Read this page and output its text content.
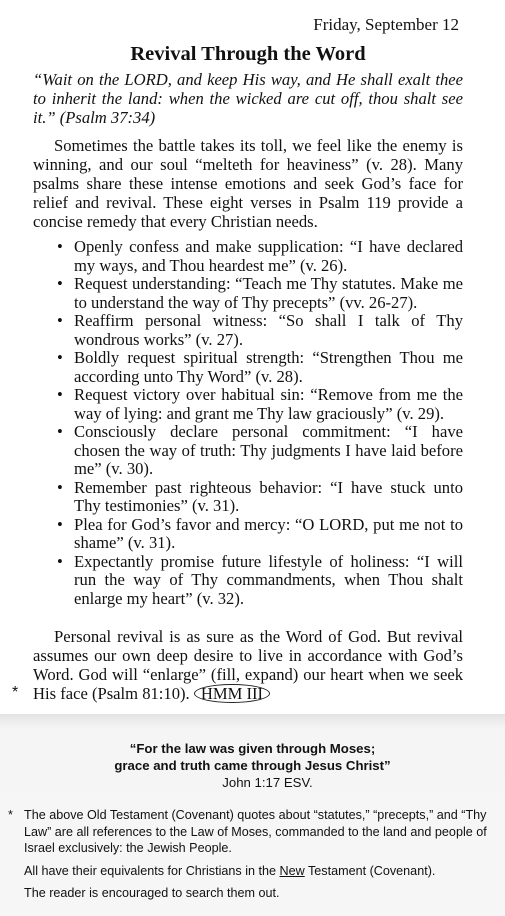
Friday, September 12
Revival Through the Word
“Wait on the LORD, and keep His way, and He shall exalt thee to inherit the land: when the wicked are cut off, thou shalt see it.” (Psalm 37:34)
Sometimes the battle takes its toll, we feel like the enemy is winning, and our soul “melteth for heaviness” (v. 28). Many psalms share these intense emotions and seek God’s face for relief and revival. These eight verses in Psalm 119 provide a concise remedy that every Christian needs.
• Openly confess and make supplication: “I have declared my ways, and Thou heardest me” (v. 26).
• Request understanding: “Teach me Thy statutes. Make me to understand the way of Thy precepts” (vv. 26-27).
• Reaffirm personal witness: “So shall I talk of Thy wondrous works” (v. 27).
• Boldly request spiritual strength: “Strengthen Thou me according unto Thy Word” (v. 28).
• Request victory over habitual sin: “Remove from me the way of lying: and grant me Thy law graciously” (v. 29).
• Consciously declare personal commitment: “I have chosen the way of truth: Thy judgments I have laid before me” (v. 30).
• Remember past righteous behavior: “I have stuck unto Thy testimonies” (v. 31).
• Plea for God’s favor and mercy: “O LORD, put me not to shame” (v. 31).
• Expectantly promise future lifestyle of holiness: “I will run the way of Thy commandments, when Thou shalt enlarge my heart” (v. 32).
Personal revival is as sure as the Word of God. But revival assumes our own deep desire to live in accordance with God’s Word. God will “enlarge” (fill, expand) our heart when we seek His face (Psalm 81:10). HMM III
*
“For the law was given through Moses;
grace and truth came through Jesus Christ”
John 1:17 ESV.
* The above Old Testament (Covenant) quotes about “statutes,” “precepts,” and “Thy Law” are all references to the Law of Moses, commanded to the land and people of Israel exclusively: the Jewish People.

All have their equivalents for Christians in the New Testament (Covenant).

The reader is encouraged to search them out.
